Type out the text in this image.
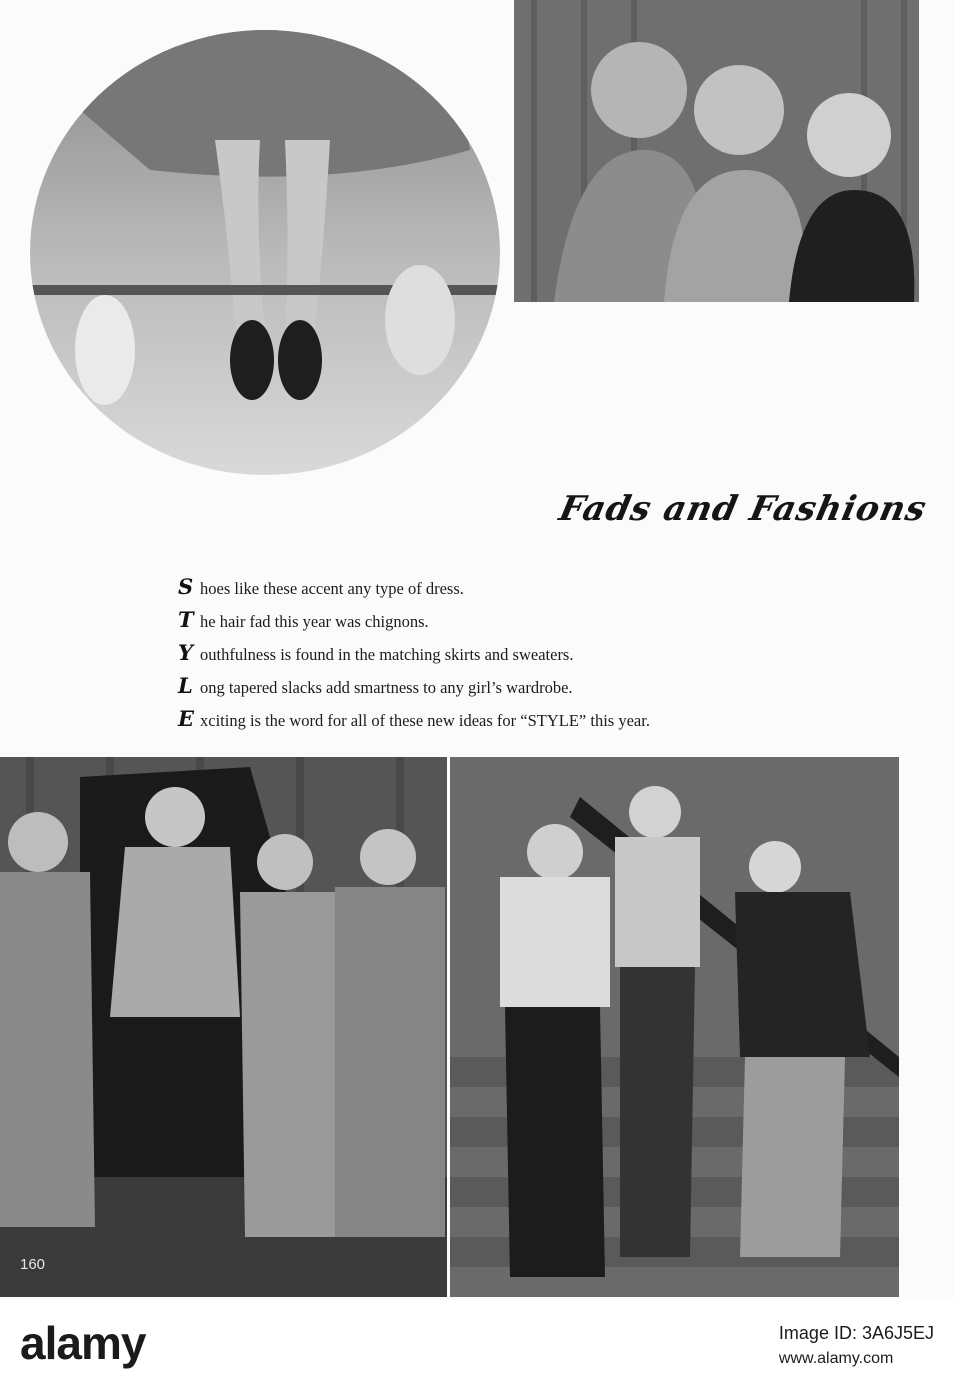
Fads and Fashions
S hoes like these accent any type of dress.
T he hair fad this year was chignons.
Y outhfulness is found in the matching skirts and sweaters.
L ong tapered slacks add smartness to any girl’s wardrobe.
E xciting is the word for all of these new ideas for “STYLE” this year.
160
alamy	Image ID: 3A6J5EJ
www.alamy.com
